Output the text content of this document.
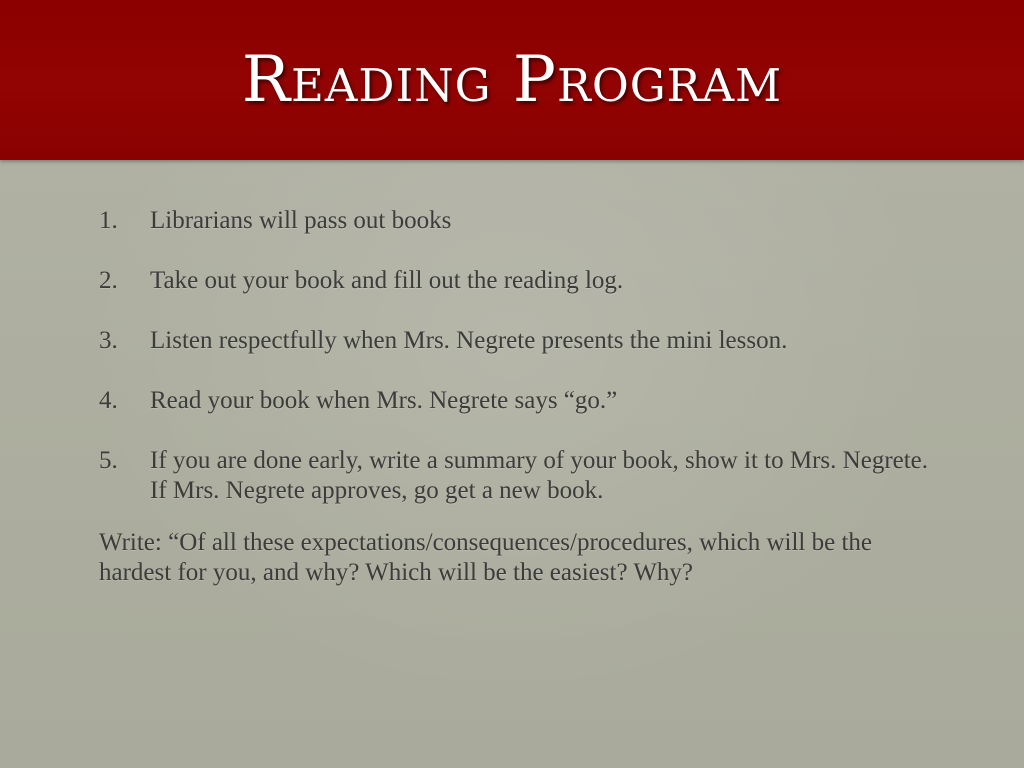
Reading Program
1. Librarians will pass out books
2. Take out your book and fill out the reading log.
3. Listen respectfully when Mrs. Negrete presents the mini lesson.
4. Read your book when Mrs. Negrete says “go.”
5. If you are done early, write a summary of your book, show it to Mrs. Negrete. If Mrs. Negrete approves, go get a new book.
Write: “Of all these expectations/consequences/procedures, which will be the hardest for you, and why? Which will be the easiest? Why?
